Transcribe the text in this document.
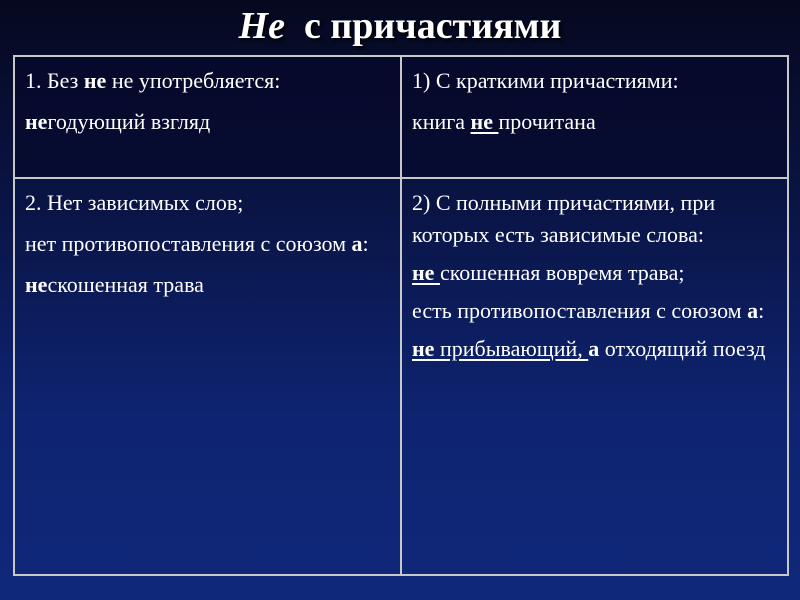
Не с причастиями
1. Без не не употребляется:
негодующий взгляд
1) С краткими причастиями:
книга не прочитана
2. Нет зависимых слов;
нет противопоставления с союзом а:
нескошенная трава
2) С полными причастиями, при которых есть зависимые слова:
не скошенная вовремя трава;
есть противопоставления с союзом а:
не прибывающий, а отходящий поезд
